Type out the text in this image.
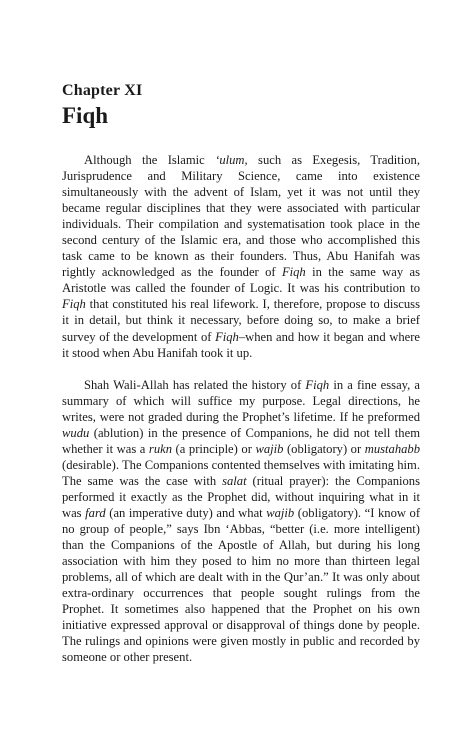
Chapter XI
Fiqh

Although the Islamic ‘ulum, such as Exegesis, Tradition, Jurisprudence and Military Science, came into existence simultaneously with the advent of Islam, yet it was not until they became regular disciplines that they were associated with particular individuals. Their compilation and systematisation took place in the second century of the Islamic era, and those who accomplished this task came to be known as their founders. Thus, Abu Hanifah was rightly acknowledged as the founder of Fiqh in the same way as Aristotle was called the founder of Logic. It was his contribution to Fiqh that constituted his real lifework. I, therefore, propose to discuss it in detail, but think it necessary, before doing so, to make a brief survey of the development of Fiqh–when and how it began and where it stood when Abu Hanifah took it up.

Shah Wali-Allah has related the history of Fiqh in a fine essay, a summary of which will suffice my purpose. Legal directions, he writes, were not graded during the Prophet’s lifetime. If he preformed wudu (ablution) in the presence of Companions, he did not tell them whether it was a rukn (a principle) or wajib (obligatory) or mustahabb (desirable). The Companions contented themselves with imitating him. The same was the case with salat (ritual prayer): the Companions performed it exactly as the Prophet did, without inquiring what in it was fard (an imperative duty) and what wajib (obligatory). “I know of no group of people,” says Ibn ‘Abbas, “better (i.e. more intelligent) than the Companions of the Apostle of Allah, but during his long association with him they posed to him no more than thirteen legal problems, all of which are dealt with in the Qur’an.” It was only about extra-ordinary occurrences that people sought rulings from the Prophet. It sometimes also happened that the Prophet on his own initiative expressed approval or disapproval of things done by people. The rulings and opinions were given mostly in public and recorded by someone or other present.
